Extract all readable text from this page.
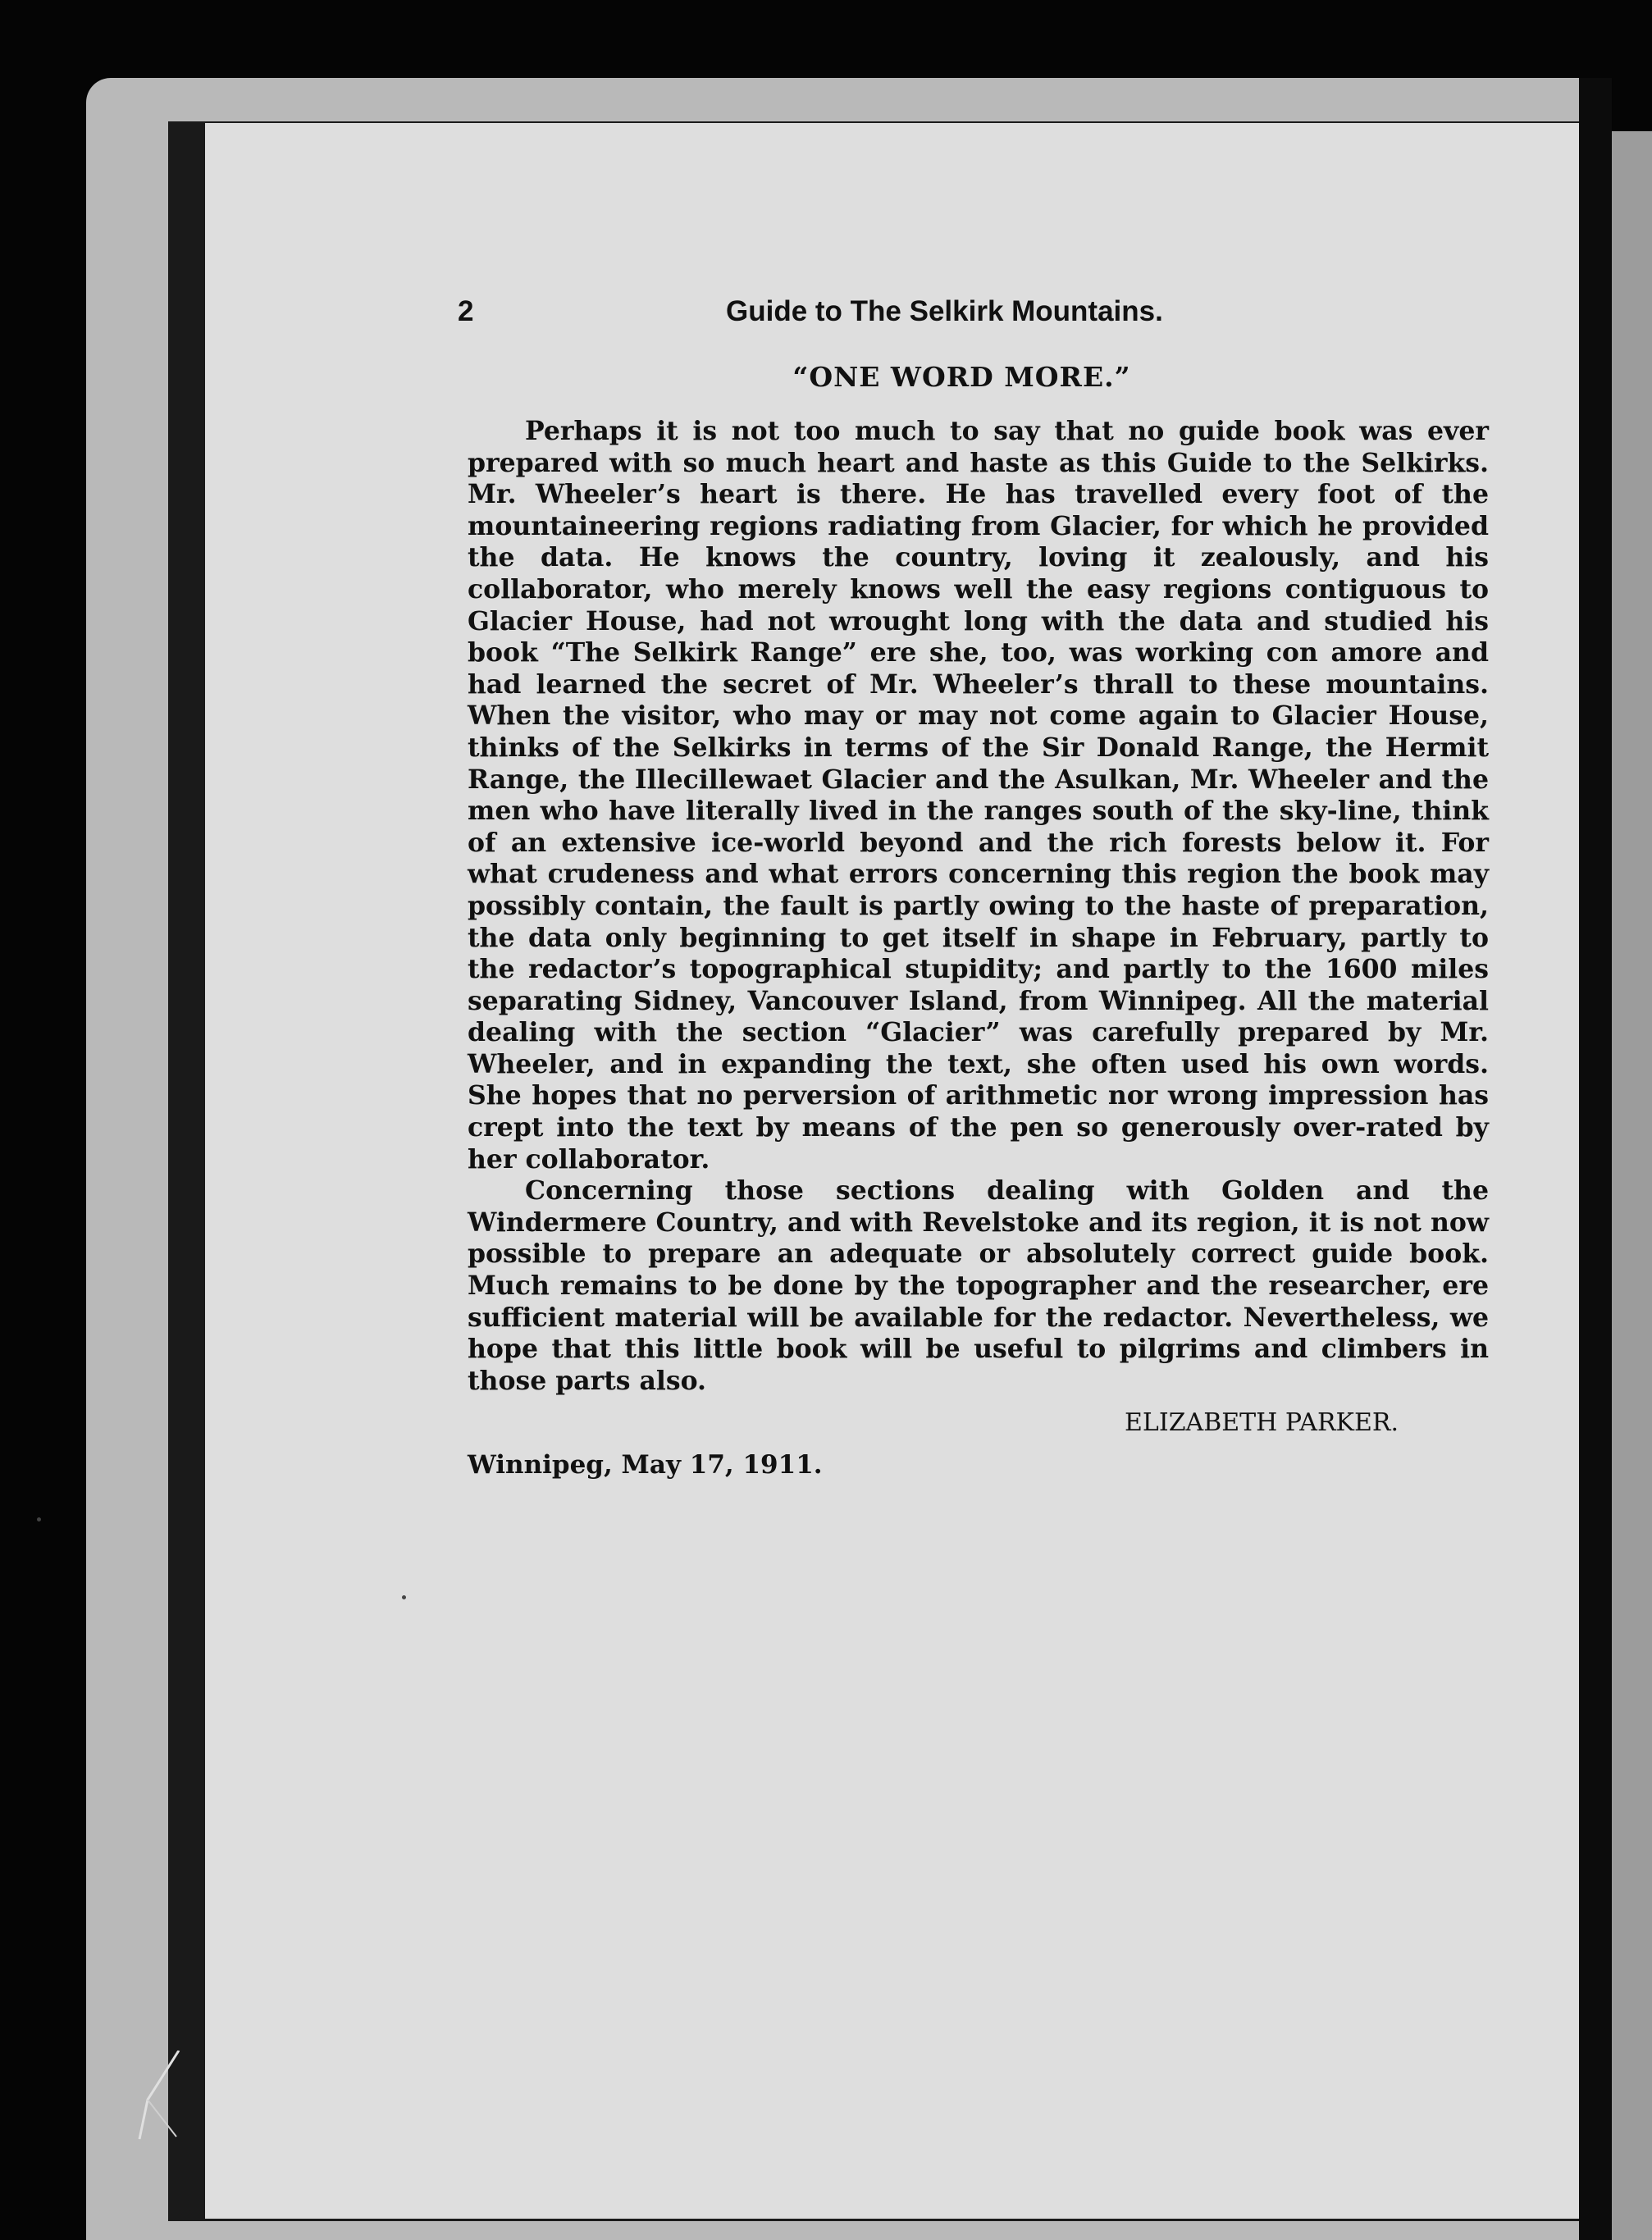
2	Guide to The Selkirk Mountains.
“ONE WORD MORE.”

Perhaps it is not too much to say that no guide book was ever prepared with so much heart and haste as this Guide to the Selkirks. Mr. Wheeler’s heart is there. He has travelled every foot of the mountaineering regions radiating from Glacier, for which he provided the data. He knows the country, loving it zealously, and his collaborator, who merely knows well the easy regions contiguous to Glacier House, had not wrought long with the data and studied his book “The Selkirk Range” ere she, too, was working con amore and had learned the secret of Mr. Wheeler’s thrall to these mountains. When the visitor, who may or may not come again to Glacier House, thinks of the Selkirks in terms of the Sir Donald Range, the Hermit Range, the Illecillewaet Glacier and the Asulkan, Mr. Wheeler and the men who have literally lived in the ranges south of the sky-line, think of an extensive ice-world beyond and the rich forests below it. For what crudeness and what errors concerning this region the book may possibly contain, the fault is partly owing to the haste of preparation, the data only beginning to get itself in shape in February, partly to the redactor’s topographical stupidity; and partly to the 1600 miles separating Sidney, Vancouver Island, from Winnipeg. All the material dealing with the section “Glacier” was carefully prepared by Mr. Wheeler, and in expanding the text, she often used his own words. She hopes that no perversion of arithmetic nor wrong impression has crept into the text by means of the pen so generously over-rated by her collaborator.

Concerning those sections dealing with Golden and the Windermere Country, and with Revelstoke and its region, it is not now possible to prepare an adequate or absolutely correct guide book. Much remains to be done by the topographer and the researcher, ere sufficient material will be available for the redactor. Nevertheless, we hope that this little book will be useful to pilgrims and climbers in those parts also.

ELIZABETH PARKER.
Winnipeg, May 17, 1911.
